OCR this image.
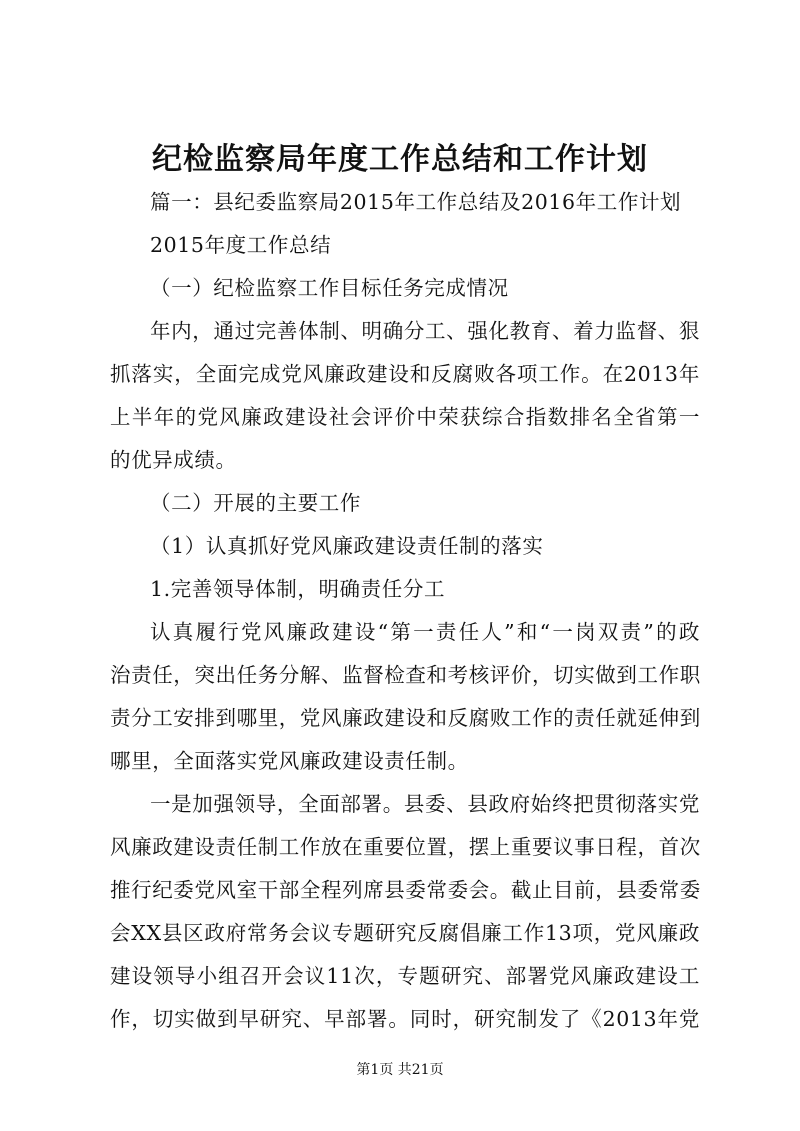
纪检监察局年度工作总结和工作计划
篇一：县纪委监察局2015年工作总结及2016年工作计划
2015年度工作总结
（一）纪检监察工作目标任务完成情况
年内，通过完善体制、明确分工、强化教育、着力监督、狠
抓落实，全面完成党风廉政建设和反腐败各项工作。在2013年
上半年的党风廉政建设社会评价中荣获综合指数排名全省第一
的优异成绩。
（二）开展的主要工作
（1）认真抓好党风廉政建设责任制的落实
1.完善领导体制，明确责任分工
认真履行党风廉政建设“第一责任人”和“一岗双责”的政
治责任，突出任务分解、监督检查和考核评价，切实做到工作职
责分工安排到哪里，党风廉政建设和反腐败工作的责任就延伸到
哪里，全面落实党风廉政建设责任制。
一是加强领导，全面部署。县委、县政府始终把贯彻落实党
风廉政建设责任制工作放在重要位置，摆上重要议事日程，首次
推行纪委党风室干部全程列席县委常委会。截止目前，县委常委
会XX县区政府常务会议专题研究反腐倡廉工作13项，党风廉政
建设领导小组召开会议11次，专题研究、部署党风廉政建设工
作，切实做到早研究、早部署。同时，研究制发了《2013年党
第1页 共21页
